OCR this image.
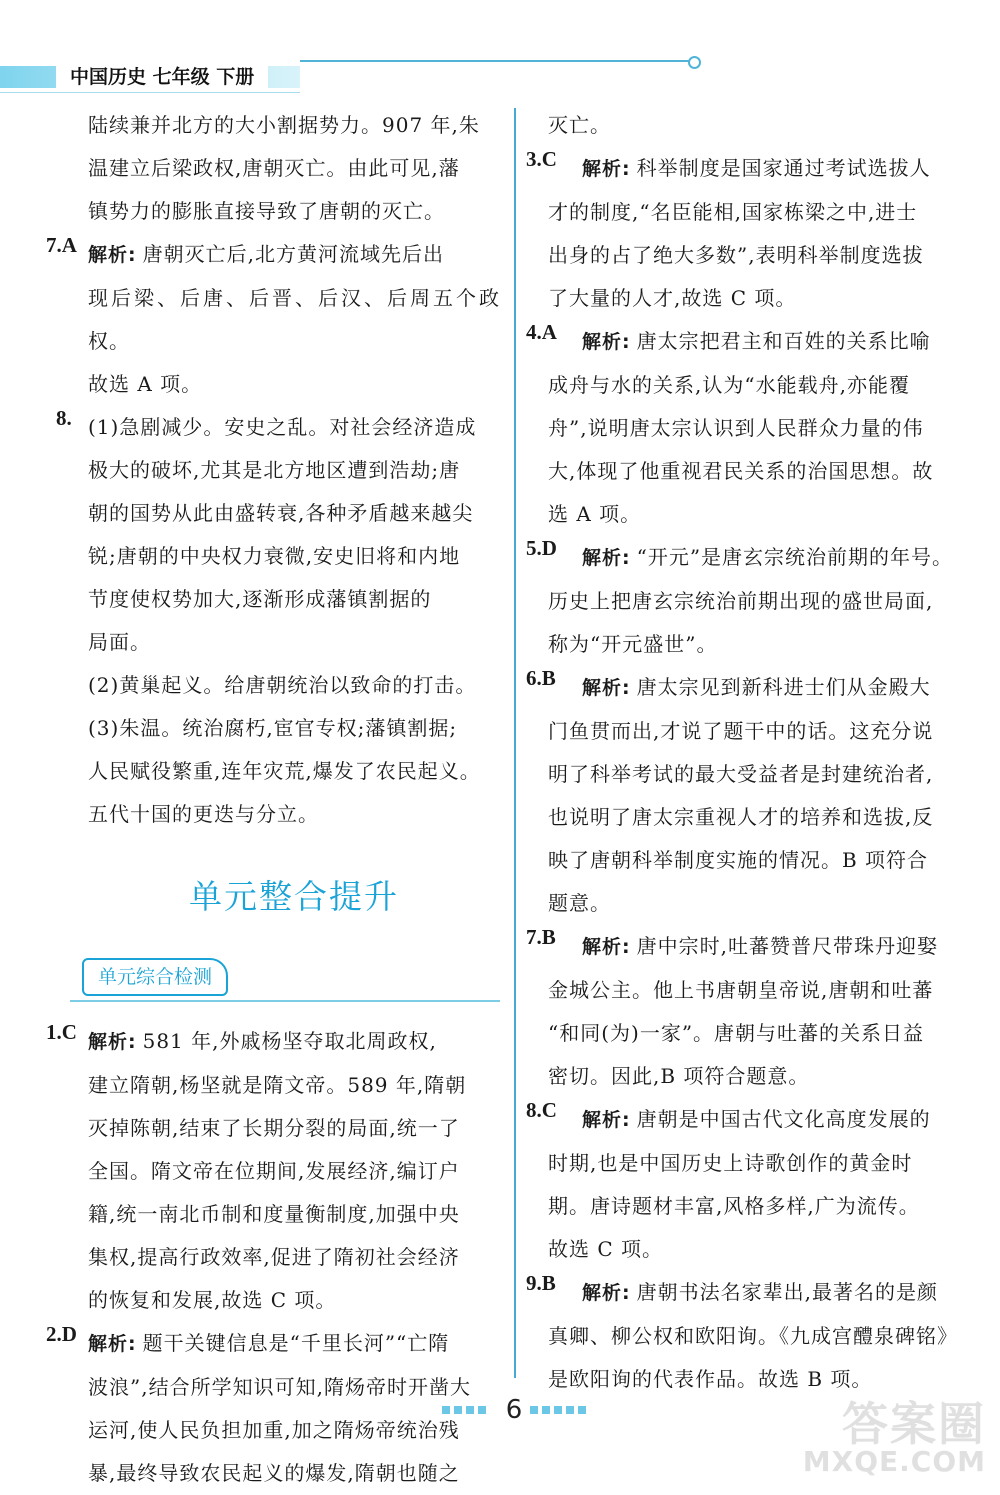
中国历史 七年级 下册

陆续兼并北方的大小割据势力。907 年,朱

温建立后梁政权,唐朝灭亡。由此可见,藩

镇势力的膨胀直接导致了唐朝的灭亡。

7.A 解析: 唐朝灭亡后,北方黄河流域先后出

现后梁、后唐、后晋、后汉、后周五个政权。

故选 A 项。

8. (1)急剧减少。安史之乱。对社会经济造成

极大的破坏,尤其是北方地区遭到浩劫;唐

朝的国势从此由盛转衰,各种矛盾越来越尖

锐;唐朝的中央权力衰微,安史旧将和内地

节度使权势加大,逐渐形成藩镇割据的

局面。

(2)黄巢起义。给唐朝统治以致命的打击。

(3)朱温。统治腐朽,宦官专权;藩镇割据;

人民赋役繁重,连年灾荒,爆发了农民起义。

五代十国的更迭与分立。

单元整合提升
单元综合检测
1.C 解析: 581 年,外戚杨坚夺取北周政权,

建立隋朝,杨坚就是隋文帝。589 年,隋朝

灭掉陈朝,结束了长期分裂的局面,统一了

全国。隋文帝在位期间,发展经济,编订户

籍,统一南北币制和度量衡制度,加强中央

集权,提高行政效率,促进了隋初社会经济

的恢复和发展,故选 C 项。

2.D 解析: 题干关键信息是“千里长河”“亡隋

波浪”,结合所学知识可知,隋炀帝时开凿大

运河,使人民负担加重,加之隋炀帝统治残

暴,最终导致农民起义的爆发,隋朝也随之

灭亡。

3.C	解析: 科举制度是国家通过考试选拔人

才的制度,“名臣能相,国家栋梁之中,进士

出身的占了绝大多数”,表明科举制度选拔

了大量的人才,故选 C 项。

4.A	解析: 唐太宗把君主和百姓的关系比喻

成舟与水的关系,认为“水能载舟,亦能覆

舟”,说明唐太宗认识到人民群众力量的伟

大,体现了他重视君民关系的治国思想。故

选 A 项。

5.D	解析: “开元”是唐玄宗统治前期的年号。

历史上把唐玄宗统治前期出现的盛世局面,

称为“开元盛世”。

6.B	解析: 唐太宗见到新科进士们从金殿大

门鱼贯而出,才说了题干中的话。这充分说

明了科举考试的最大受益者是封建统治者,

也说明了唐太宗重视人才的培养和选拔,反

映了唐朝科举制度实施的情况。B 项符合

题意。

7.B	解析: 唐中宗时,吐蕃赞普尺带珠丹迎娶

金城公主。他上书唐朝皇帝说,唐朝和吐蕃

“和同(为)一家”。唐朝与吐蕃的关系日益

密切。因此,B 项符合题意。

8.C	解析: 唐朝是中国古代文化高度发展的

时期,也是中国历史上诗歌创作的黄金时

期。唐诗题材丰富,风格多样,广为流传。

故选 C 项。

9.B	解析: 唐朝书法名家辈出,最著名的是颜

真卿、柳公权和欧阳询。《九成宫醴泉碑铭》

是欧阳询的代表作品。故选 B 项。

6	答案圈
MXQE.COM
